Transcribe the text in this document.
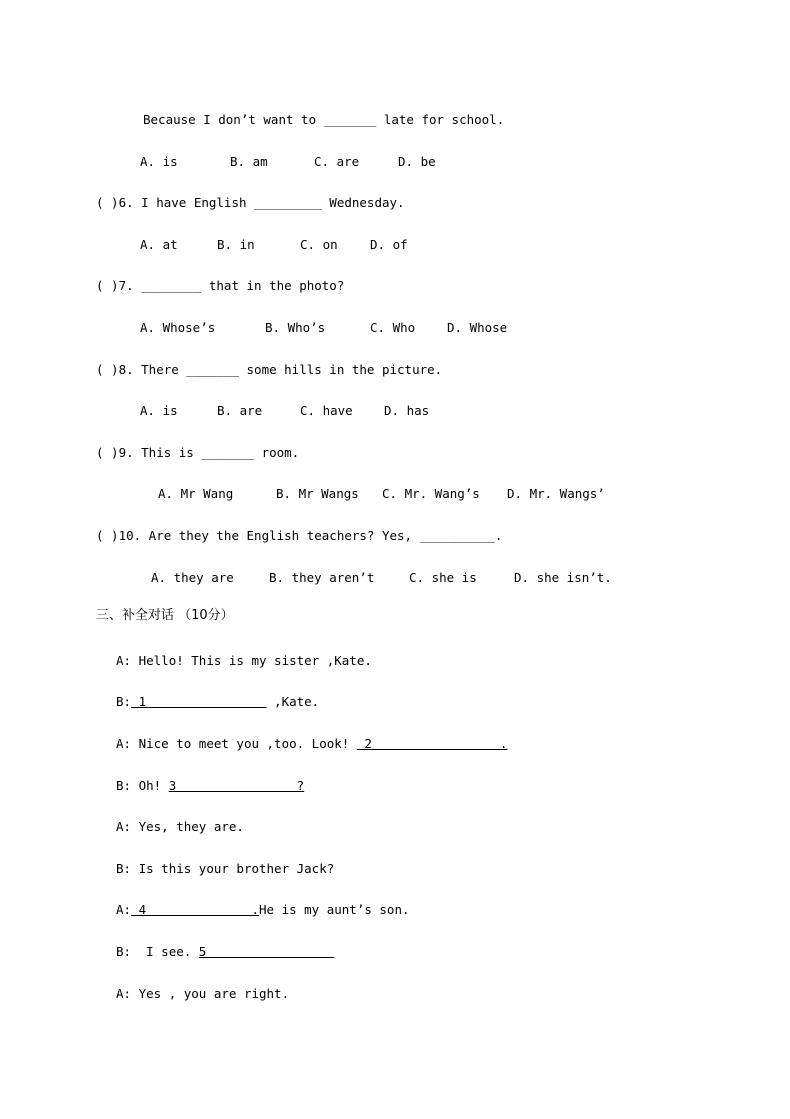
Because I don’t want to _______ late for school.
A. is	B. am	C. are	D. be
( )6. I have English _________ Wednesday.
A. at	B. in	C. on	D. of
( )7. ________ that in the photo?
A. Whose’s	B. Who’s	C. Who	D. Whose
( )8. There _______ some hills in the picture.
A. is	B. are	C. have	D. has
( )9. This is _______ room.
A. Mr Wang	B. Mr Wangs C. Mr. Wang’s D. Mr. Wangs’
( )10. Are they the English teachers? Yes, __________.
A. they are	B. they aren’t	C. she is	D. she isn’t.
三、补全对话 （10分）
A: Hello! This is my sister ,Kate.
B: 1                 ,Kate.
A: Nice to meet you ,too. Look!  2                 .
B: Oh! 3                ?
A: Yes, they are.
B: Is this your brother Jack?
A: 4              .He is my aunt’s son.
B:  I see. 5
A: Yes , you are right.
